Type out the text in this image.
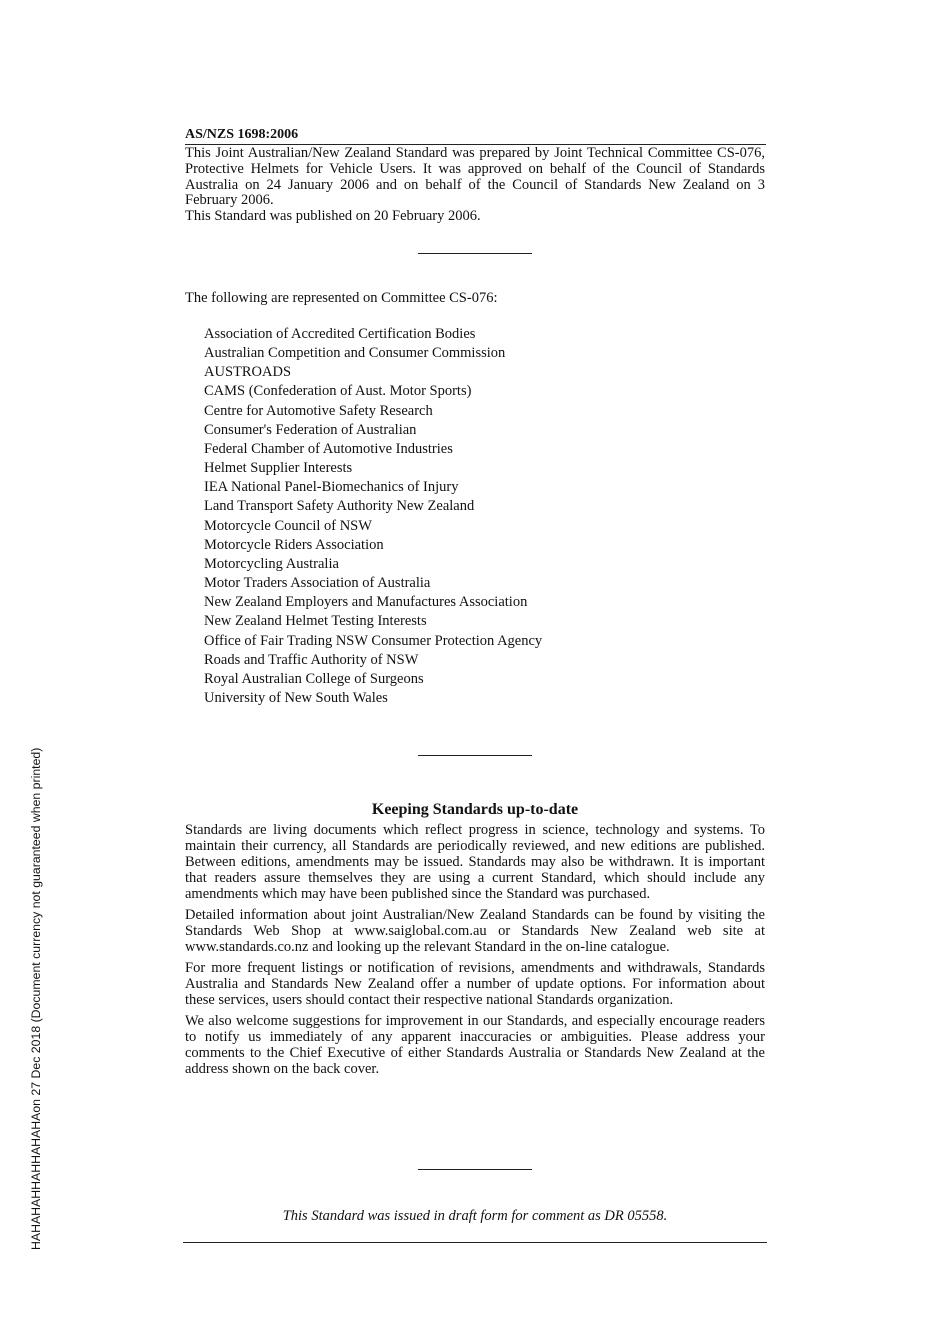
AS/NZS 1698:2006

This Joint Australian/New Zealand Standard was prepared by Joint Technical Committee CS-076, Protective Helmets for Vehicle Users. It was approved on behalf of the Council of Standards Australia on 24 January 2006 and on behalf of the Council of Standards New Zealand on 3 February 2006.

This Standard was published on 20 February 2006.

The following are represented on Committee CS-076:

Association of Accredited Certification Bodies
Australian Competition and Consumer Commission
AUSTROADS
CAMS (Confederation of Aust. Motor Sports)
Centre for Automotive Safety Research
Consumer's Federation of Australian
Federal Chamber of Automotive Industries
Helmet Supplier Interests
IEA National Panel-Biomechanics of Injury
Land Transport Safety Authority New Zealand
Motorcycle Council of NSW
Motorcycle Riders Association
Motorcycling Australia
Motor Traders Association of Australia
New Zealand Employers and Manufactures Association
New Zealand Helmet Testing Interests
Office of Fair Trading NSW Consumer Protection Agency
Roads and Traffic Authority of NSW
Royal Australian College of Surgeons
University of New South Wales
Keeping Standards up-to-date

Standards are living documents which reflect progress in science, technology and systems. To maintain their currency, all Standards are periodically reviewed, and new editions are published. Between editions, amendments may be issued. Standards may also be withdrawn. It is important that readers assure themselves they are using a current Standard, which should include any amendments which may have been published since the Standard was purchased.

Detailed information about joint Australian/New Zealand Standards can be found by visiting the Standards Web Shop at www.saiglobal.com.au or Standards New Zealand web site at www.standards.co.nz and looking up the relevant Standard in the on-line catalogue.

For more frequent listings or notification of revisions, amendments and withdrawals, Standards Australia and Standards New Zealand offer a number of update options. For information about these services, users should contact their respective national Standards organization.

We also welcome suggestions for improvement in our Standards, and especially encourage readers to notify us immediately of any apparent inaccuracies or ambiguities. Please address your comments to the Chief Executive of either Standards Australia or Standards New Zealand at the address shown on the back cover.

This Standard was issued in draft form for comment as DR 05558.

HAHAHAHHAHHAHAHAon 27 Dec 2018 (Document currency not guaranteed when printed)
